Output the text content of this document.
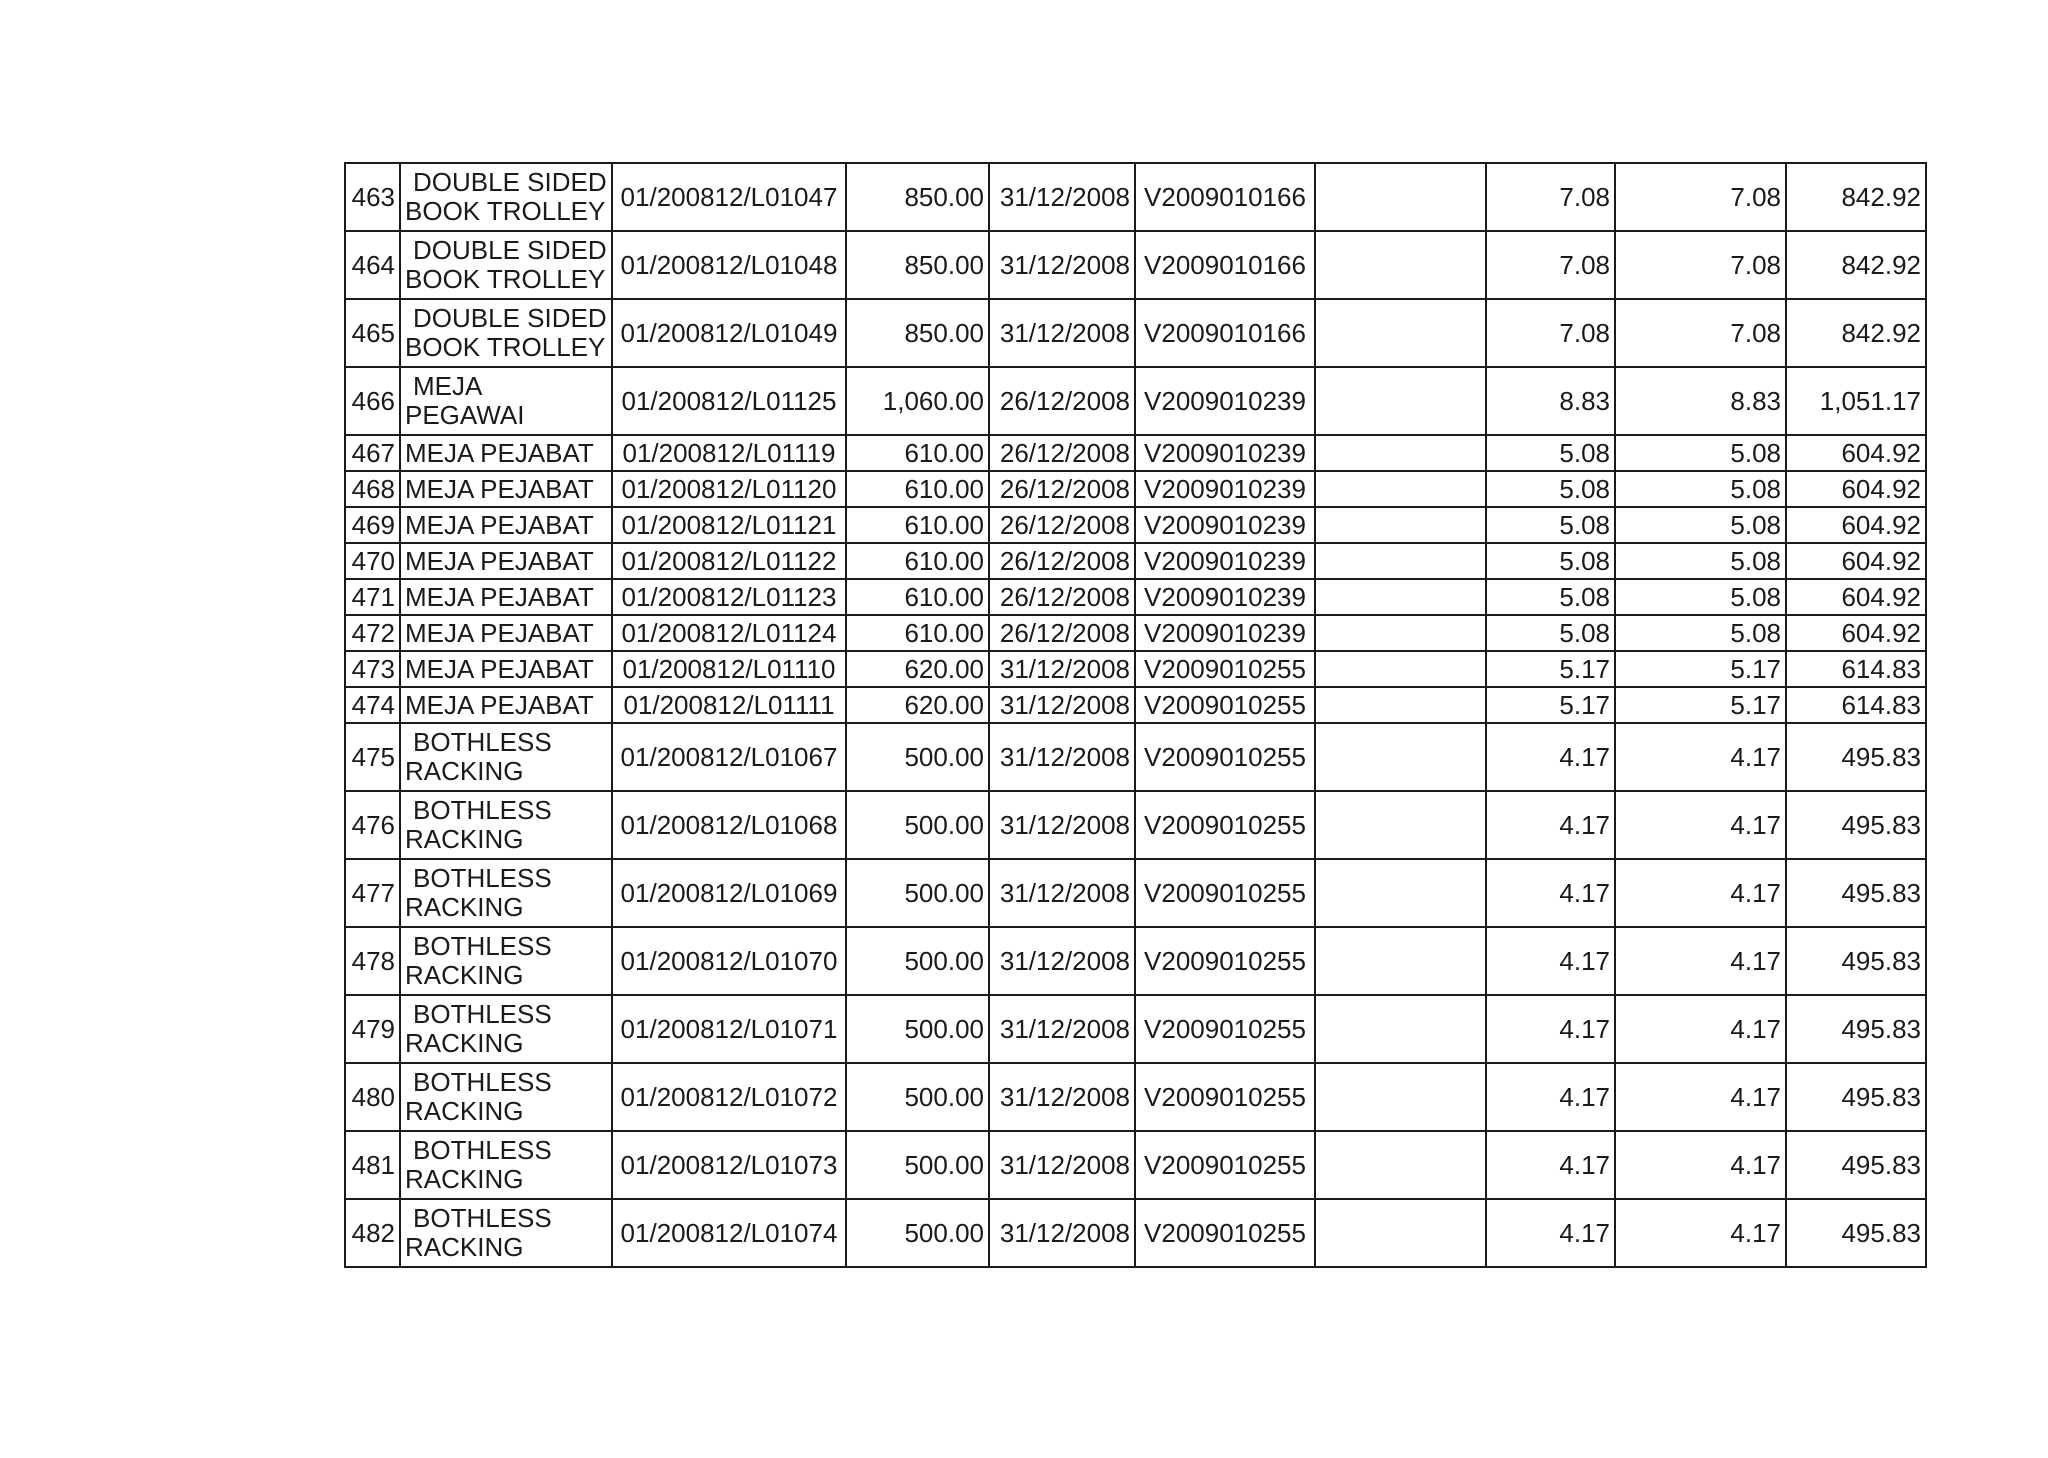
463	DOUBLE SIDED
BOOK TROLLEY	01/200812/L01047	850.00	31/12/2008	V2009010166		7.08	7.08	842.92
464	DOUBLE SIDED
BOOK TROLLEY	01/200812/L01048	850.00	31/12/2008	V2009010166		7.08	7.08	842.92
465	DOUBLE SIDED
BOOK TROLLEY	01/200812/L01049	850.00	31/12/2008	V2009010166		7.08	7.08	842.92
466	MEJA
PEGAWAI	01/200812/L01125	1,060.00	26/12/2008	V2009010239		8.83	8.83	1,051.17
467	MEJA PEJABAT	01/200812/L01119	610.00	26/12/2008	V2009010239		5.08	5.08	604.92
468	MEJA PEJABAT	01/200812/L01120	610.00	26/12/2008	V2009010239		5.08	5.08	604.92
469	MEJA PEJABAT	01/200812/L01121	610.00	26/12/2008	V2009010239		5.08	5.08	604.92
470	MEJA PEJABAT	01/200812/L01122	610.00	26/12/2008	V2009010239		5.08	5.08	604.92
471	MEJA PEJABAT	01/200812/L01123	610.00	26/12/2008	V2009010239		5.08	5.08	604.92
472	MEJA PEJABAT	01/200812/L01124	610.00	26/12/2008	V2009010239		5.08	5.08	604.92
473	MEJA PEJABAT	01/200812/L01110	620.00	31/12/2008	V2009010255		5.17	5.17	614.83
474	MEJA PEJABAT	01/200812/L01111	620.00	31/12/2008	V2009010255		5.17	5.17	614.83
475	BOTHLESS
RACKING	01/200812/L01067	500.00	31/12/2008	V2009010255		4.17	4.17	495.83
476	BOTHLESS
RACKING	01/200812/L01068	500.00	31/12/2008	V2009010255		4.17	4.17	495.83
477	BOTHLESS
RACKING	01/200812/L01069	500.00	31/12/2008	V2009010255		4.17	4.17	495.83
478	BOTHLESS
RACKING	01/200812/L01070	500.00	31/12/2008	V2009010255		4.17	4.17	495.83
479	BOTHLESS
RACKING	01/200812/L01071	500.00	31/12/2008	V2009010255		4.17	4.17	495.83
480	BOTHLESS
RACKING	01/200812/L01072	500.00	31/12/2008	V2009010255		4.17	4.17	495.83
481	BOTHLESS
RACKING	01/200812/L01073	500.00	31/12/2008	V2009010255		4.17	4.17	495.83
482	BOTHLESS
RACKING	01/200812/L01074	500.00	31/12/2008	V2009010255		4.17	4.17	495.83
